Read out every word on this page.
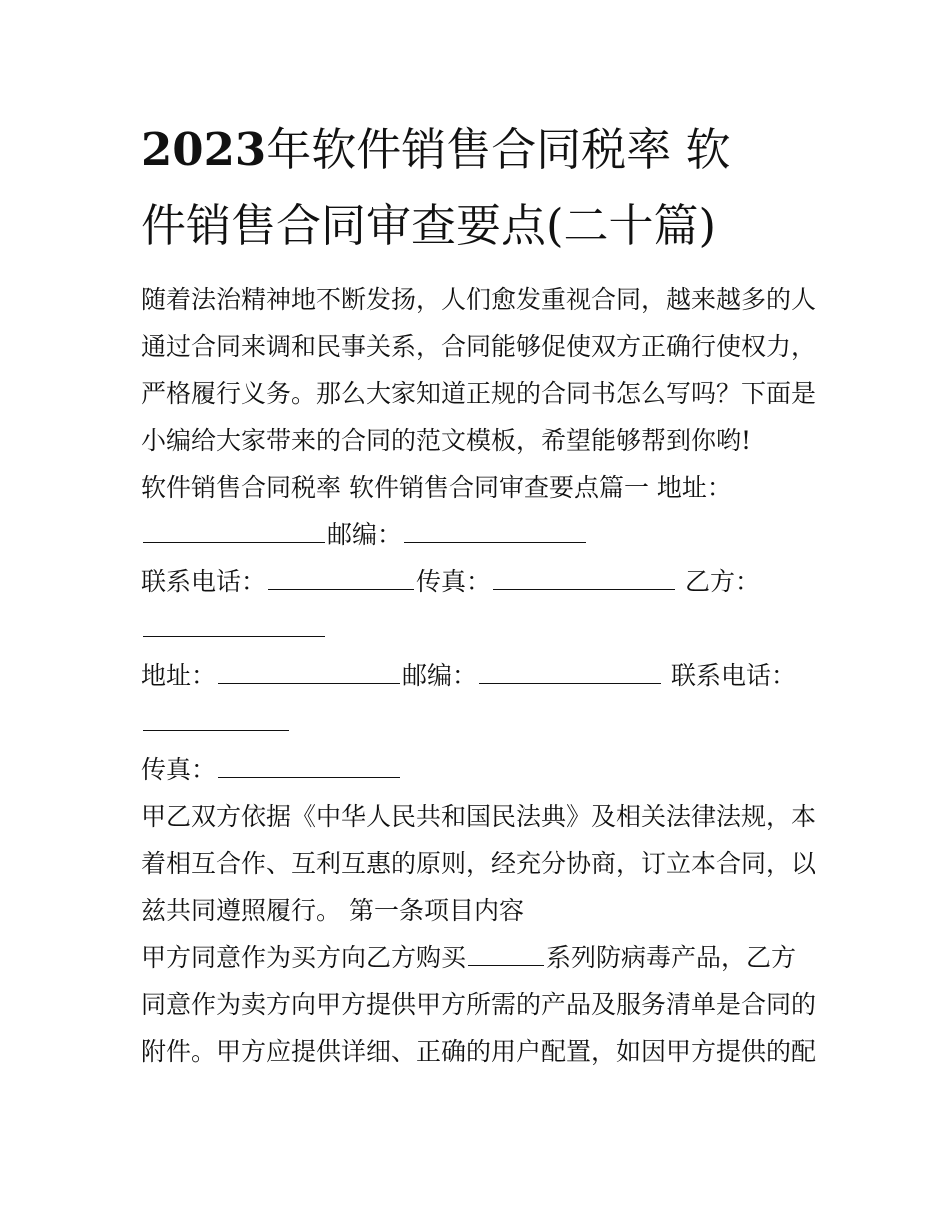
2023年软件销售合同税率 软
件销售合同审查要点(二十篇)
随着法治精神地不断发扬，人们愈发重视合同，越来越多的人
通过合同来调和民事关系，合同能够促使双方正确行使权力，
严格履行义务。那么大家知道正规的合同书怎么写吗？下面是
小编给大家带来的合同的范文模板，希望能够帮到你哟!
软件销售合同税率 软件销售合同审查要点篇一 地址：
邮编：
联系电话：	传真：	乙方：
地址：	邮编：	联系电话：
传真：
甲乙双方依据《中华人民共和国民法典》及相关法律法规，本
着相互合作、互利互惠的原则，经充分协商，订立本合同，以
兹共同遵照履行。 第一条项目内容
甲方同意作为买方向乙方购买	系列防病毒产品，乙方
同意作为卖方向甲方提供甲方所需的产品及服务清单是合同的
附件。甲方应提供详细、正确的用户配置，如因甲方提供的配
